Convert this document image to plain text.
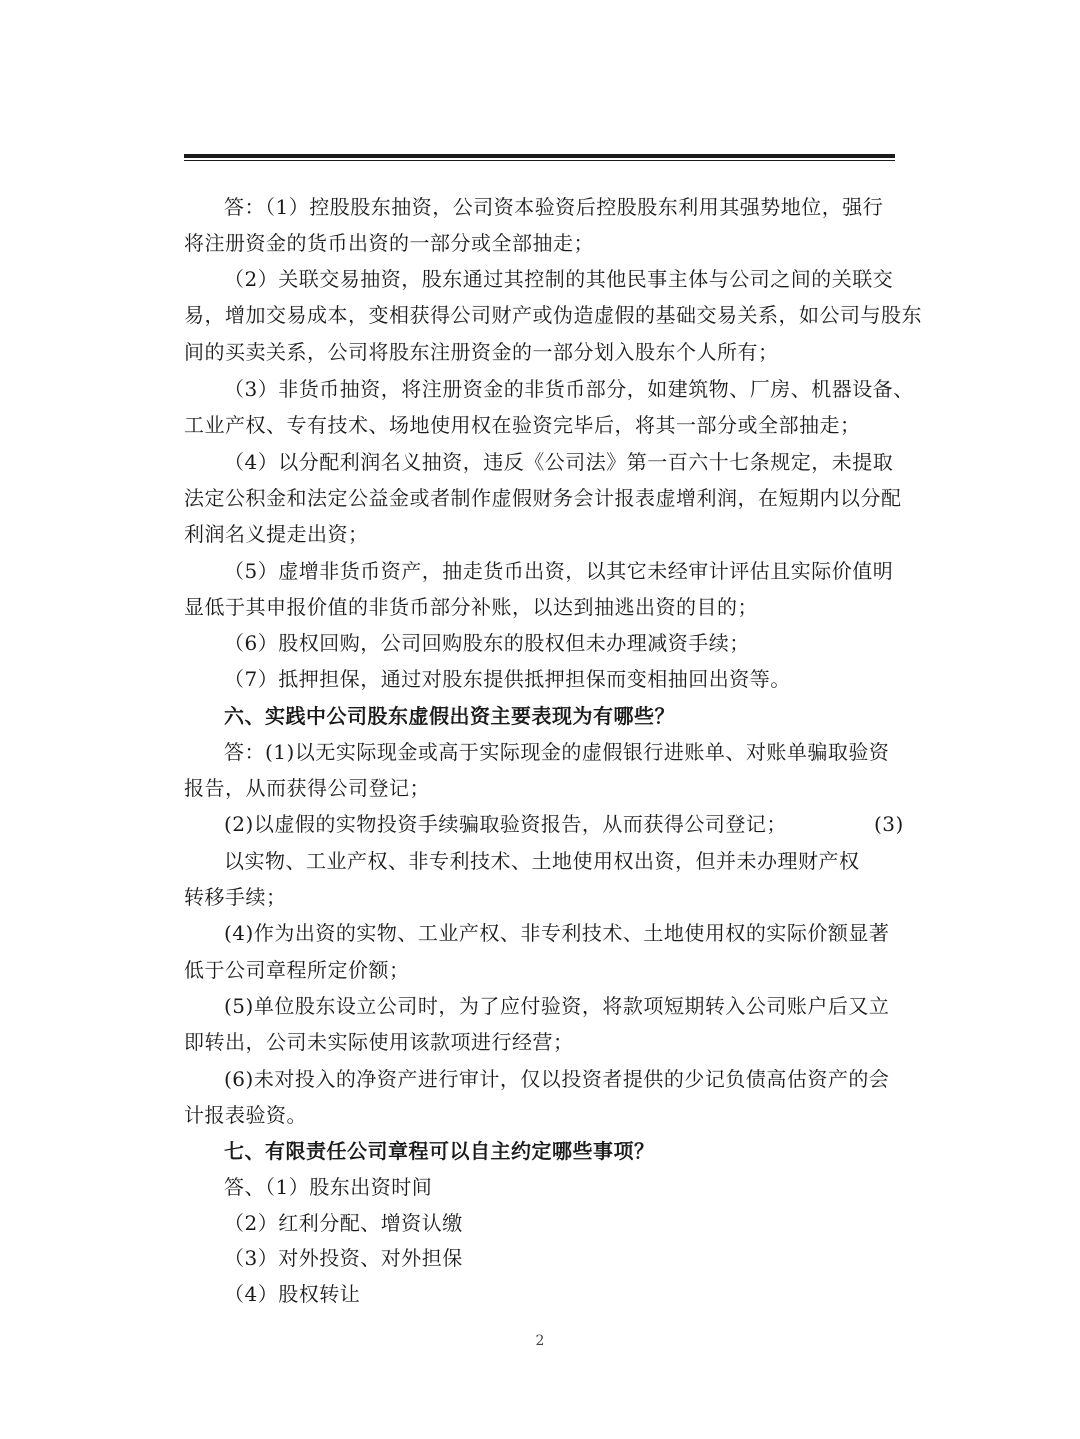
答：（1）控股股东抽资，公司资本验资后控股股东利用其强势地位，强行
将注册资金的货币出资的一部分或全部抽走；
（2）关联交易抽资，股东通过其控制的其他民事主体与公司之间的关联交
易，增加交易成本，变相获得公司财产或伪造虚假的基础交易关系，如公司与股东
间的买卖关系，公司将股东注册资金的一部分划入股东个人所有；
（3）非货币抽资，将注册资金的非货币部分，如建筑物、厂房、机器设备、
工业产权、专有技术、场地使用权在验资完毕后，将其一部分或全部抽走；
（4）以分配利润名义抽资，违反《公司法》第一百六十七条规定，未提取
法定公积金和法定公益金或者制作虚假财务会计报表虚增利润，在短期内以分配
利润名义提走出资；
（5）虚增非货币资产，抽走货币出资，以其它未经审计评估且实际价值明
显低于其申报价值的非货币部分补账，以达到抽逃出资的目的；
（6）股权回购，公司回购股东的股权但未办理减资手续；
（7）抵押担保，通过对股东提供抵押担保而变相抽回出资等。
六、实践中公司股东虚假出资主要表现为有哪些？
答：(1)以无实际现金或高于实际现金的虚假银行进账单、对账单骗取验资
报告，从而获得公司登记；
(2)以虚假的实物投资手续骗取验资报告，从而获得公司登记；	(3)
以实物、工业产权、非专利技术、土地使用权出资，但并未办理财产权
转移手续；
(4)作为出资的实物、工业产权、非专利技术、土地使用权的实际价额显著
低于公司章程所定价额；
(5)单位股东设立公司时，为了应付验资，将款项短期转入公司账户后又立
即转出，公司未实际使用该款项进行经营；
(6)未对投入的净资产进行审计，仅以投资者提供的少记负债高估资产的会
计报表验资。
七、有限责任公司章程可以自主约定哪些事项？
答、（1）股东出资时间
（2）红利分配、增资认缴
（3）对外投资、对外担保
（4）股权转让
2
